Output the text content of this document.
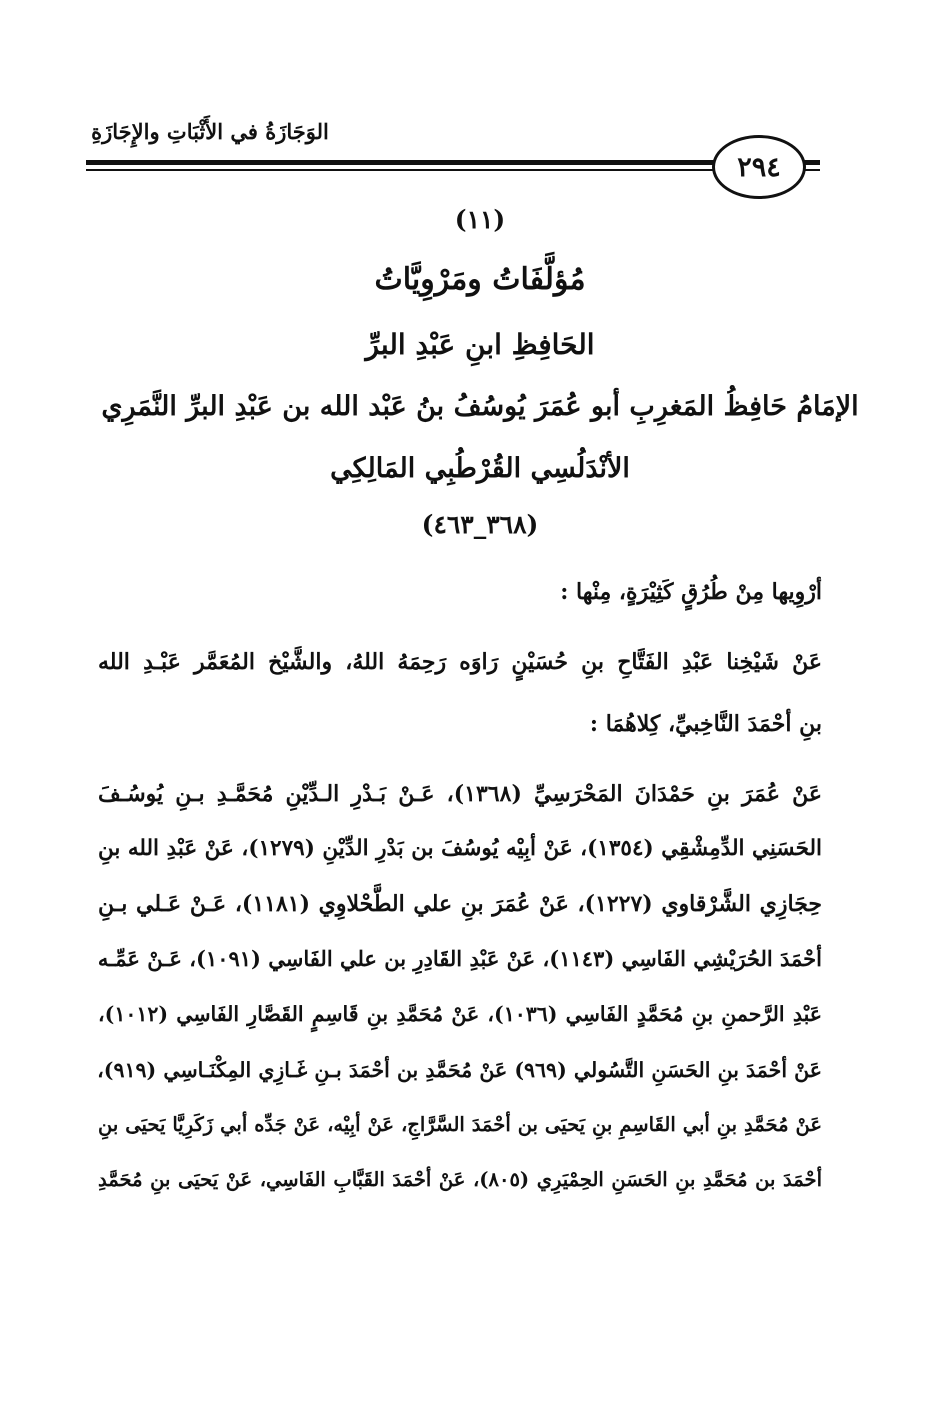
الوَجَازَةُ في الأَثْبَاتِ والإِجَازَةِ
٢٩٤
(١١)
مُؤلَّفَاتُ ومَرْوِيَّاتُ
الحَافِظِ ابنِ عَبْدِ البرِّ
الإمَامُ حَافِظُ المَغرِبِ أبو عُمَرَ يُوسُفُ بنُ عَبْد الله بن عَبْدِ البرِّ النَّمَرِي
الأنْدَلُسِي القُرْطُبِي المَالِكِي
(٣٦٨_٤٦٣)
أرْوِيها مِنْ طُرُقٍ كَثِيْرَةٍ، مِنْها :
عَنْ شَيْخِنا عَبْدِ الفَتَّاحِ بنِ حُسَيْنٍ رَاوَه رَحِمَهُ اللهُ، والشَّيْخ المُعَمَّر عَبْـدِ الله
بنِ أحْمَدَ النَّاخِبيِّ، كِلاهُمَا :
عَنْ عُمَرَ بنِ حَمْدَانَ المَحْرَسِيِّ (١٣٦٨)، عَـنْ بَـدْرِ الـدِّيْنِ مُحَمَّـدِ بـنِ يُوسُـفَ
الحَسَنِي الدِّمِشْقِي (١٣٥٤)، عَنْ أبِيْه يُوسُفَ بن بَدْرِ الدِّيْنِ (١٢٧٩)، عَنْ عَبْدِ الله بنِ
حِجَازِي الشَّرْقاوي (١٢٢٧)، عَنْ عُمَرَ بنِ علي الطَّحْلاوِي (١١٨١)، عَـنْ عَـلي بـنِ
أحْمَدَ الحُرَيْشِي الفَاسِي (١١٤٣)، عَنْ عَبْدِ القَادِرِ بن علي الفَاسِي (١٠٩١)، عَـنْ عَمِّـه
عَبْدِ الرَّحمنِ بنِ مُحَمَّدٍ الفَاسِي (١٠٣٦)، عَنْ مُحَمَّدِ بنِ قَاسِمٍ القَصَّارِ الفَاسِي (١٠١٢)،
عَنْ أحْمَدَ بنِ الحَسَنِ التَّسُولي (٩٦٩) عَنْ مُحَمَّدِ بن أحْمَدَ بـنِ غَـازِي المِكْنَـاسِي (٩١٩)،
عَنْ مُحَمَّدِ بنِ أبي القَاسِمِ بنِ يَحيَى بن أحْمَدَ السَّرَّاجِ، عَنْ أبِيْه، عَنْ جَدِّه أبي زَكَرِيَّا يَحيَى بنِ
أحْمَدَ بن مُحَمَّدِ بنِ الحَسَنِ الحِمْيَرِي (٨٠٥)، عَنْ أحْمَدَ القَبَّابِ الفَاسِي، عَنْ يَحيَى بنِ مُحَمَّدِ
